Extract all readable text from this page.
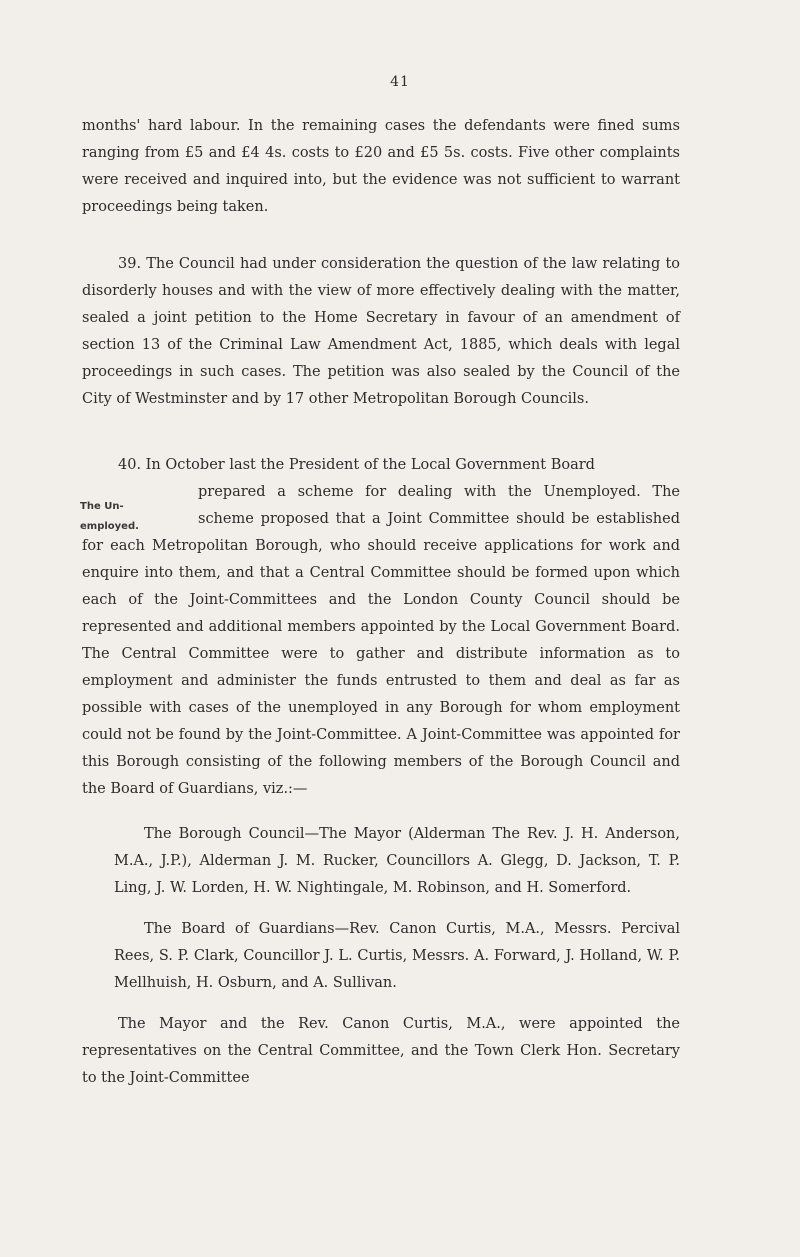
41

months' hard labour. In the remaining cases the defendants were fined sums ranging from £5 and £4 4s. costs to £20 and £5 5s. costs. Five other complaints were received and inquired into, but the evidence was not sufficient to warrant proceedings being taken.

39. The Council had under consideration the question of the law relating to disorderly houses and with the view of more effectively dealing with the matter, sealed a joint petition to the Home Secretary in favour of an amendment of section 13 of the Criminal Law Amendment Act, 1885, which deals with legal proceedings in such cases. The petition was also sealed by the Council of the City of Westminster and by 17 other Metropolitan Borough Councils.

40. In October last the President of the Local Government Board
prepared a scheme for dealing with the Unemployed. The scheme proposed that a Joint Committee should be established for each Metropolitan Borough, who should receive applications for work and enquire into them, and that a Central Committee should be formed upon which each of the Joint-Committees and the London County Council should be represented and additional members appointed by the Local Government Board. The Central Committee were to gather and distribute information as to employment and administer the funds entrusted to them and deal as far as possible with cases of the unemployed in any Borough for whom employment could not be found by the Joint-Committee. A Joint-Committee was appointed for this Borough consisting of the following members of the Borough Council and the Board of Guardians, viz.:—
The Un-
employed.

The Borough Council—The Mayor (Alderman The Rev. J. H. Anderson, M.A., J.P.), Alderman J. M. Rucker, Councillors A. Glegg, D. Jackson, T. P. Ling, J. W. Lorden, H. W. Nightingale, M. Robinson, and H. Somerford.

The Board of Guardians—Rev. Canon Curtis, M.A., Messrs. Percival Rees, S. P. Clark, Councillor J. L. Curtis, Messrs. A. Forward, J. Holland, W. P. Mellhuish, H. Osburn, and A. Sullivan.

The Mayor and the Rev. Canon Curtis, M.A., were appointed the representatives on the Central Committee, and the Town Clerk Hon. Secretary to the Joint-Committee
